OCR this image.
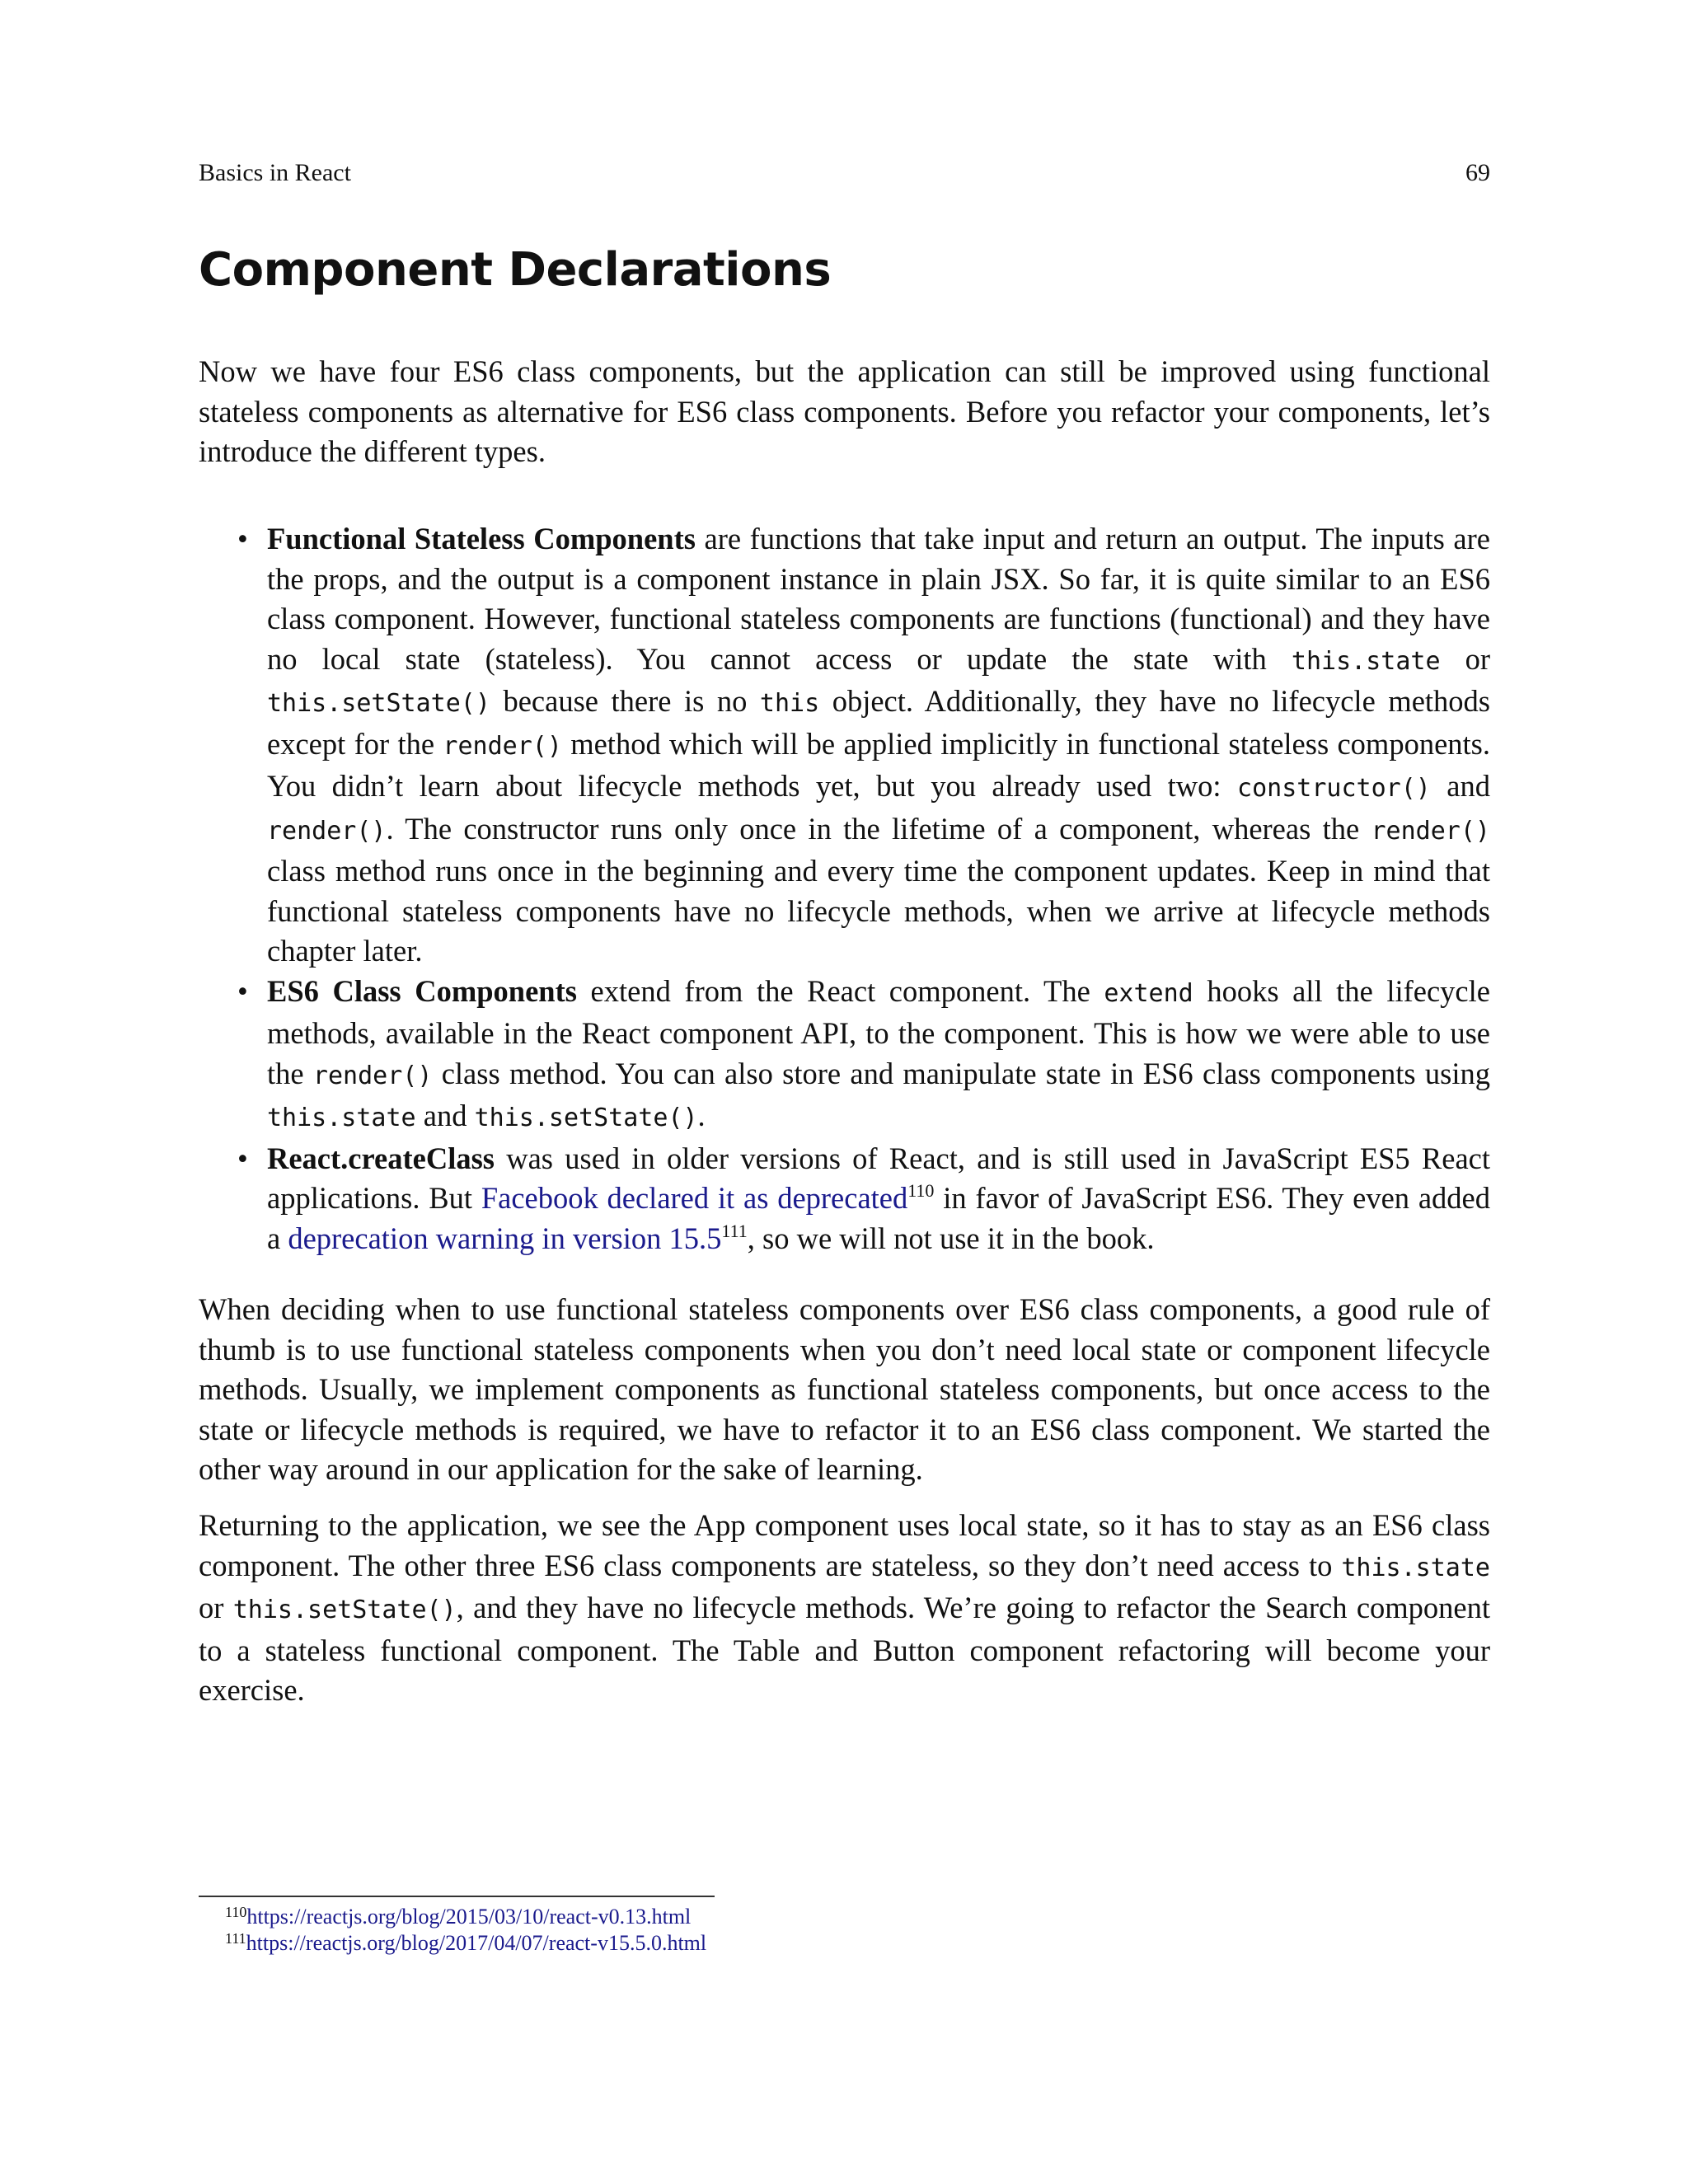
Basics in React	69
Component Declarations

Now we have four ES6 class components, but the application can still be improved using functional stateless components as alternative for ES6 class components. Before you refactor your components, let’s introduce the different types.

• Functional Stateless Components are functions that take input and return an output. The inputs are the props, and the output is a component instance in plain JSX. So far, it is quite similar to an ES6 class component. However, functional stateless components are functions (functional) and they have no local state (stateless). You cannot access or update the state with this.state or this.setState() because there is no this object. Additionally, they have no lifecycle methods except for the render() method which will be applied implicitly in functional stateless components. You didn’t learn about lifecycle methods yet, but you already used two: constructor() and render(). The constructor runs only once in the lifetime of a component, whereas the render() class method runs once in the beginning and every time the component updates. Keep in mind that functional stateless components have no lifecycle methods, when we arrive at lifecycle methods chapter later.
• ES6 Class Components extend from the React component. The extend hooks all the lifecycle methods, available in the React component API, to the component. This is how we were able to use the render() class method. You can also store and manipulate state in ES6 class components using this.state and this.setState().
• React.createClass was used in older versions of React, and is still used in JavaScript ES5 React applications. But Facebook declared it as deprecated$^{110}$ in favor of JavaScript ES6. They even added a deprecation warning in version 15.5$^{111}$, so we will not use it in the book.

When deciding when to use functional stateless components over ES6 class components, a good rule of thumb is to use functional stateless components when you don’t need local state or component lifecycle methods. Usually, we implement components as functional stateless components, but once access to the state or lifecycle methods is required, we have to refactor it to an ES6 class component. We started the other way around in our application for the sake of learning.

Returning to the application, we see the App component uses local state, so it has to stay as an ES6 class component. The other three ES6 class components are stateless, so they don’t need access to this.state or this.setState(), and they have no lifecycle methods. We’re going to refactor the Search component to a stateless functional component. The Table and Button component refactoring will become your exercise.

$^{110}$https://reactjs.org/blog/2015/03/10/react-v0.13.html
$^{111}$https://reactjs.org/blog/2017/04/07/react-v15.5.0.html
